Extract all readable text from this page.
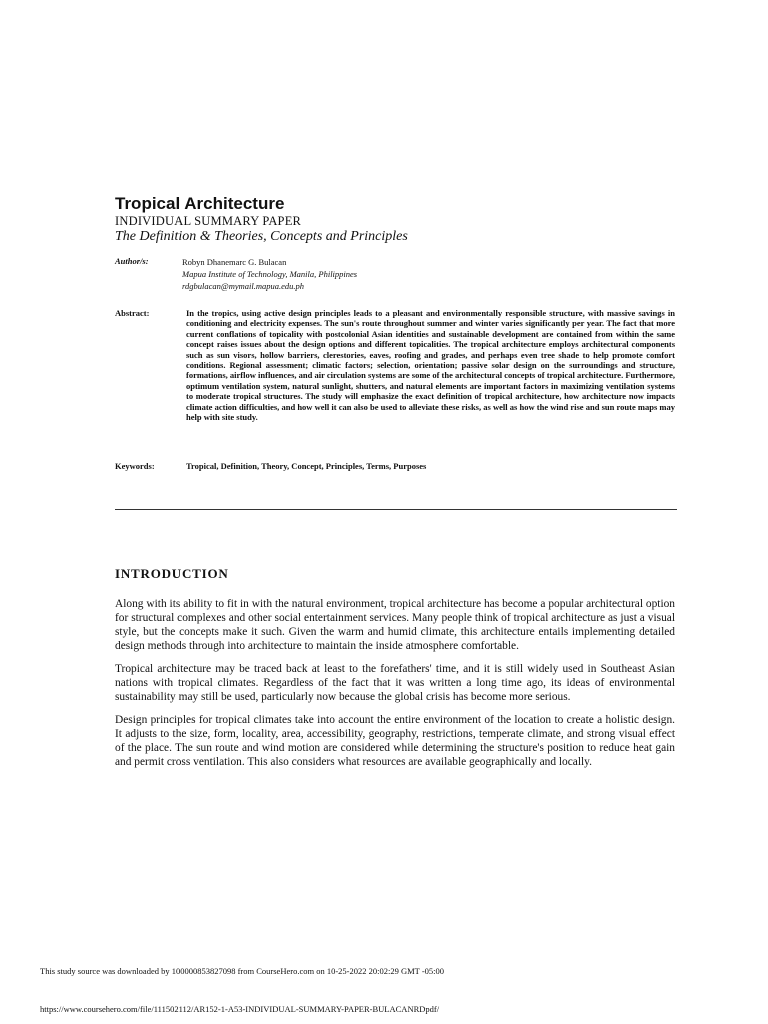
Tropical Architecture
INDIVIDUAL SUMMARY PAPER
The Definition & Theories, Concepts and Principles
Author/s:	Robyn Dhanemarc G. Bulacan
Mapua Institute of Technology, Manila, Philippines
rdgbulacan@mymail.mapua.edu.ph
Abstract:	In the tropics, using active design principles leads to a pleasant and environmentally responsible structure, with massive savings in conditioning and electricity expenses. The sun's route throughout summer and winter varies significantly per year. The fact that more current conflations of topicality with postcolonial Asian identities and sustainable development are contained from within the same concept raises issues about the design options and different topicalities. The tropical architecture employs architectural components such as sun visors, hollow barriers, clerestories, eaves, roofing and grades, and perhaps even tree shade to help promote comfort conditions. Regional assessment; climatic factors; selection, orientation; passive solar design on the surroundings and structure, formations, airflow influences, and air circulation systems are some of the architectural concepts of tropical architecture. Furthermore, optimum ventilation system, natural sunlight, shutters, and natural elements are important factors in maximizing ventilation systems to moderate tropical structures. The study will emphasize the exact definition of tropical architecture, how architecture now impacts climate action difficulties, and how well it can also be used to alleviate these risks, as well as how the wind rise and sun route maps may help with site study.
Keywords:	Tropical, Definition, Theory, Concept, Principles, Terms, Purposes
INTRODUCTION

Along with its ability to fit in with the natural environment, tropical architecture has become a popular architectural option for structural complexes and other social entertainment services. Many people think of tropical architecture as just a visual style, but the concepts make it such. Given the warm and humid climate, this architecture entails implementing detailed design methods through into architecture to maintain the inside atmosphere comfortable.

Tropical architecture may be traced back at least to the forefathers' time, and it is still widely used in Southeast Asian nations with tropical climates. Regardless of the fact that it was written a long time ago, its ideas of environmental sustainability may still be used, particularly now because the global crisis has become more serious.

Design principles for tropical climates take into account the entire environment of the location to create a holistic design. It adjusts to the size, form, locality, area, accessibility, geography, restrictions, temperate climate, and strong visual effect of the place. The sun route and wind motion are considered while determining the structure's position to reduce heat gain and permit cross ventilation. This also considers what resources are available geographically and locally.

This study source was downloaded by 100000853827098 from CourseHero.com on 10-25-2022 20:02:29 GMT -05:00
https://www.coursehero.com/file/111502112/AR152-1-A53-INDIVIDUAL-SUMMARY-PAPER-BULACANRDpdf/
